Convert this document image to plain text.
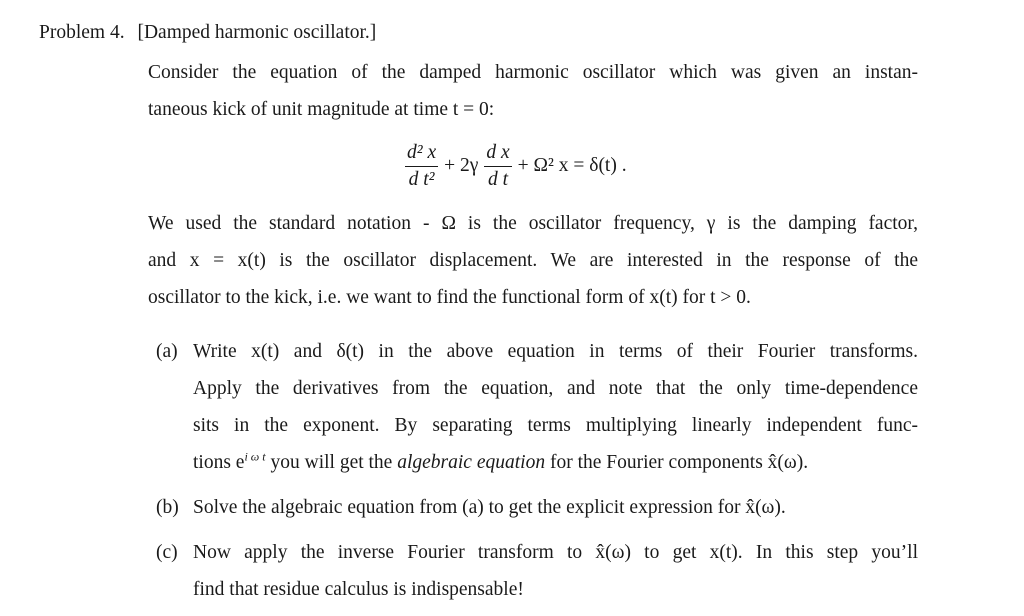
Problem 4. [Damped harmonic oscillator.]
Consider the equation of the damped harmonic oscillator which was given an instan-
taneous kick of unit magnitude at time t = 0:
$\frac{\text{d² x}}{\text{d t²}} + 2\gamma \frac{\text{d x}}{\text{d t}} + \Omega^2$ x = δ(t) .
We used the standard notation - Ω is the oscillator frequency, γ is the damping factor,
and x = x(t) is the oscillator displacement. We are interested in the response of the
oscillator to the kick, i.e. we want to find the functional form of x(t) for t > 0.
(a) Write x(t) and δ(t) in the above equation in terms of their Fourier transforms.
Apply the derivatives from the equation, and note that the only time-dependence
sits in the exponent. By separating terms multiplying linearly independent func-
tions $e^{i \omega t}$ you will get the algebraic equation for the Fourier components x̂(ω).
(b) Solve the algebraic equation from (a) to get the explicit expression for x̂(ω).
(c) Now apply the inverse Fourier transform to x̂(ω) to get x(t). In this step you’ll
find that residue calculus is indispensable!
